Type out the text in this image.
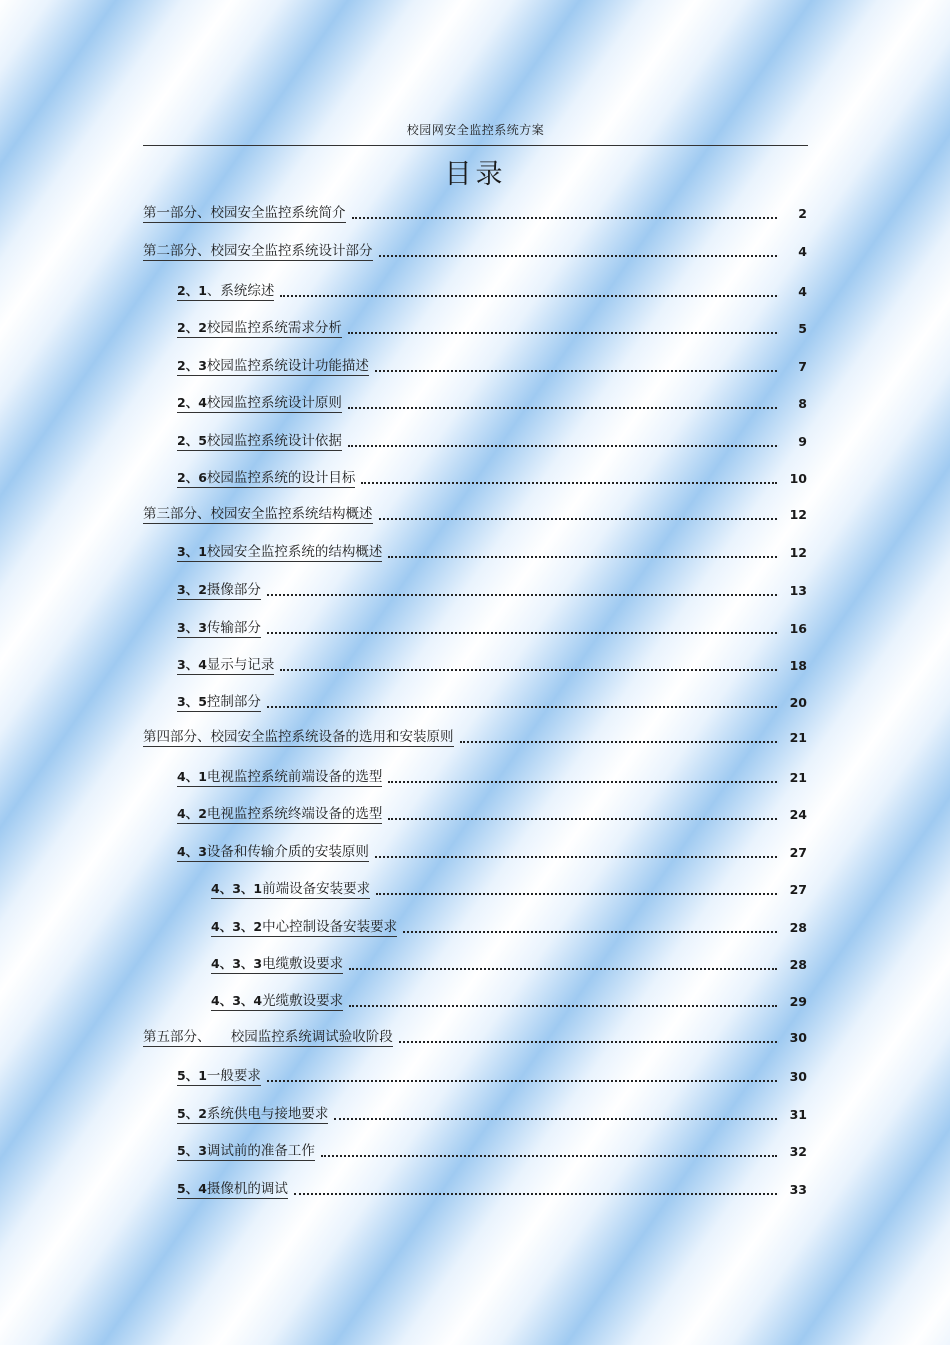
校园网安全监控系统方案
目录
第一部分、校园安全监控系统简介	2
第二部分、校园安全监控系统设计部分	4
2、1、系统综述	4
2、2校园监控系统需求分析	5
2、3校园监控系统设计功能描述	7
2、4校园监控系统设计原则	8
2、5校园监控系统设计依据	9
2、6校园监控系统的设计目标	10
第三部分、校园安全监控系统结构概述	12
3、1校园安全监控系统的结构概述	12
3、2摄像部分	13
3、3传输部分	16
3、4显示与记录	18
3、5控制部分	20
第四部分、校园安全监控系统设备的选用和安装原则	21
4、1电视监控系统前端设备的选型	21
4、2电视监控系统终端设备的选型	24
4、3设备和传输介质的安装原则	27
4、3、1前端设备安装要求	27
4、3、2中心控制设备安装要求	28
4、3、3电缆敷设要求	28
4、3、4光缆敷设要求	29
第五部分、　　校园监控系统调试验收阶段	30
5、1一般要求	30
5、2系统供电与接地要求	31
5、3调试前的准备工作	32
5、4摄像机的调试	33
